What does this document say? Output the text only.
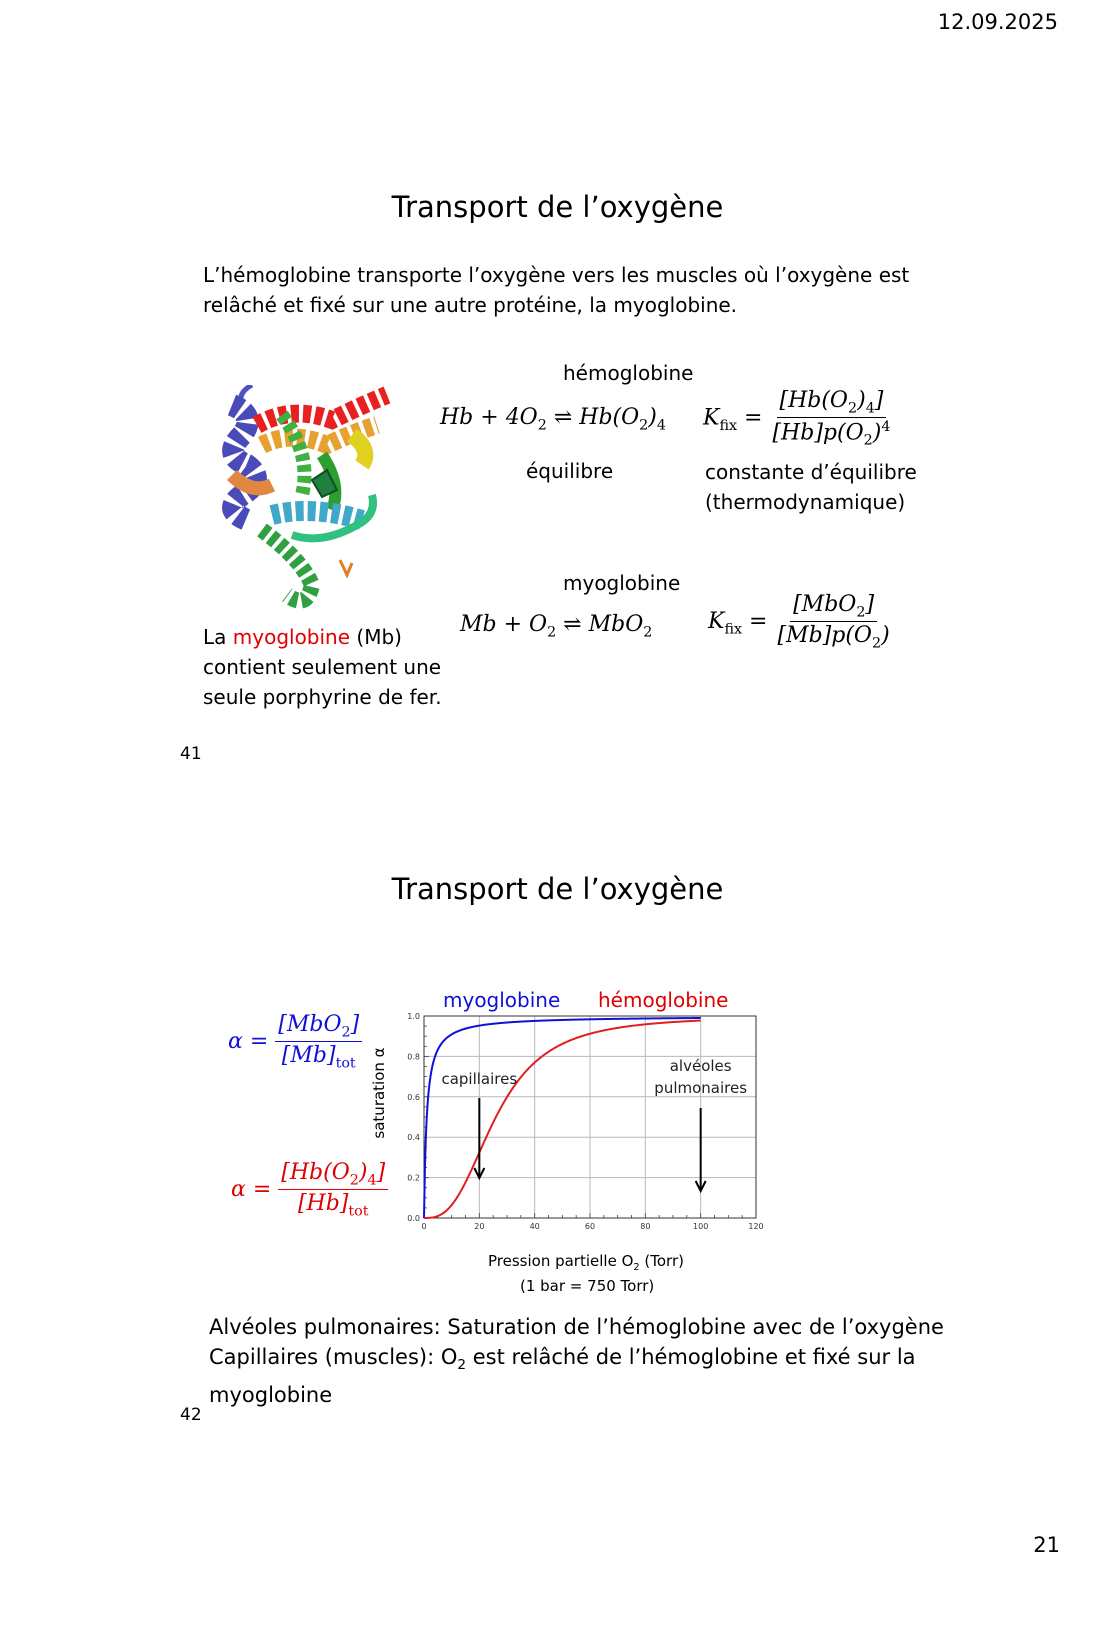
12.09.2025
21
Transport de l’oxygène
L’hémoglobine transporte l’oxygène vers les muscles où l’oxygène est
relâché et fixé sur une autre protéine, la myoglobine.
La myoglobine (Mb)
contient seulement une
seule porphyrine de fer.
hémoglobine
$Hb + 4O_2$ ⇌ $Hb(O_2)_4$ $K_{fix} = \frac{[Hb(O_2)_4]}{[Hb]p(O_2)^4}$
équilibre	constante d’équilibre
(thermodynamique)
myoglobine
$Mb + O_2$ ⇌ MbO$_2$	$K_{fix} = \frac{[MbO_2]}{[Mb]p(O_2)}$
41
Transport de l’oxygène
$\alpha = \frac{[MbO_2]}{[Mb]_{tot}}$
$\alpha = \frac{[Hb(O_2)_4]}{[Hb]_{tot}}$
myoglobine hémoglobine
saturation α
0	20	40	60	80	100	120
0.0
0.2
0.4
0.6
0.8
1.0
capillaires
alvéoles
pulmonaires
Pression partielle $O_2$ (Torr)
(1 bar = 750 Torr)
Alvéoles pulmonaires: Saturation de l’hémoglobine avec de l’oxygène
Capillaires (muscles): $O_2$ est relâché de l’hémoglobine et fixé sur la
myoglobine
42
